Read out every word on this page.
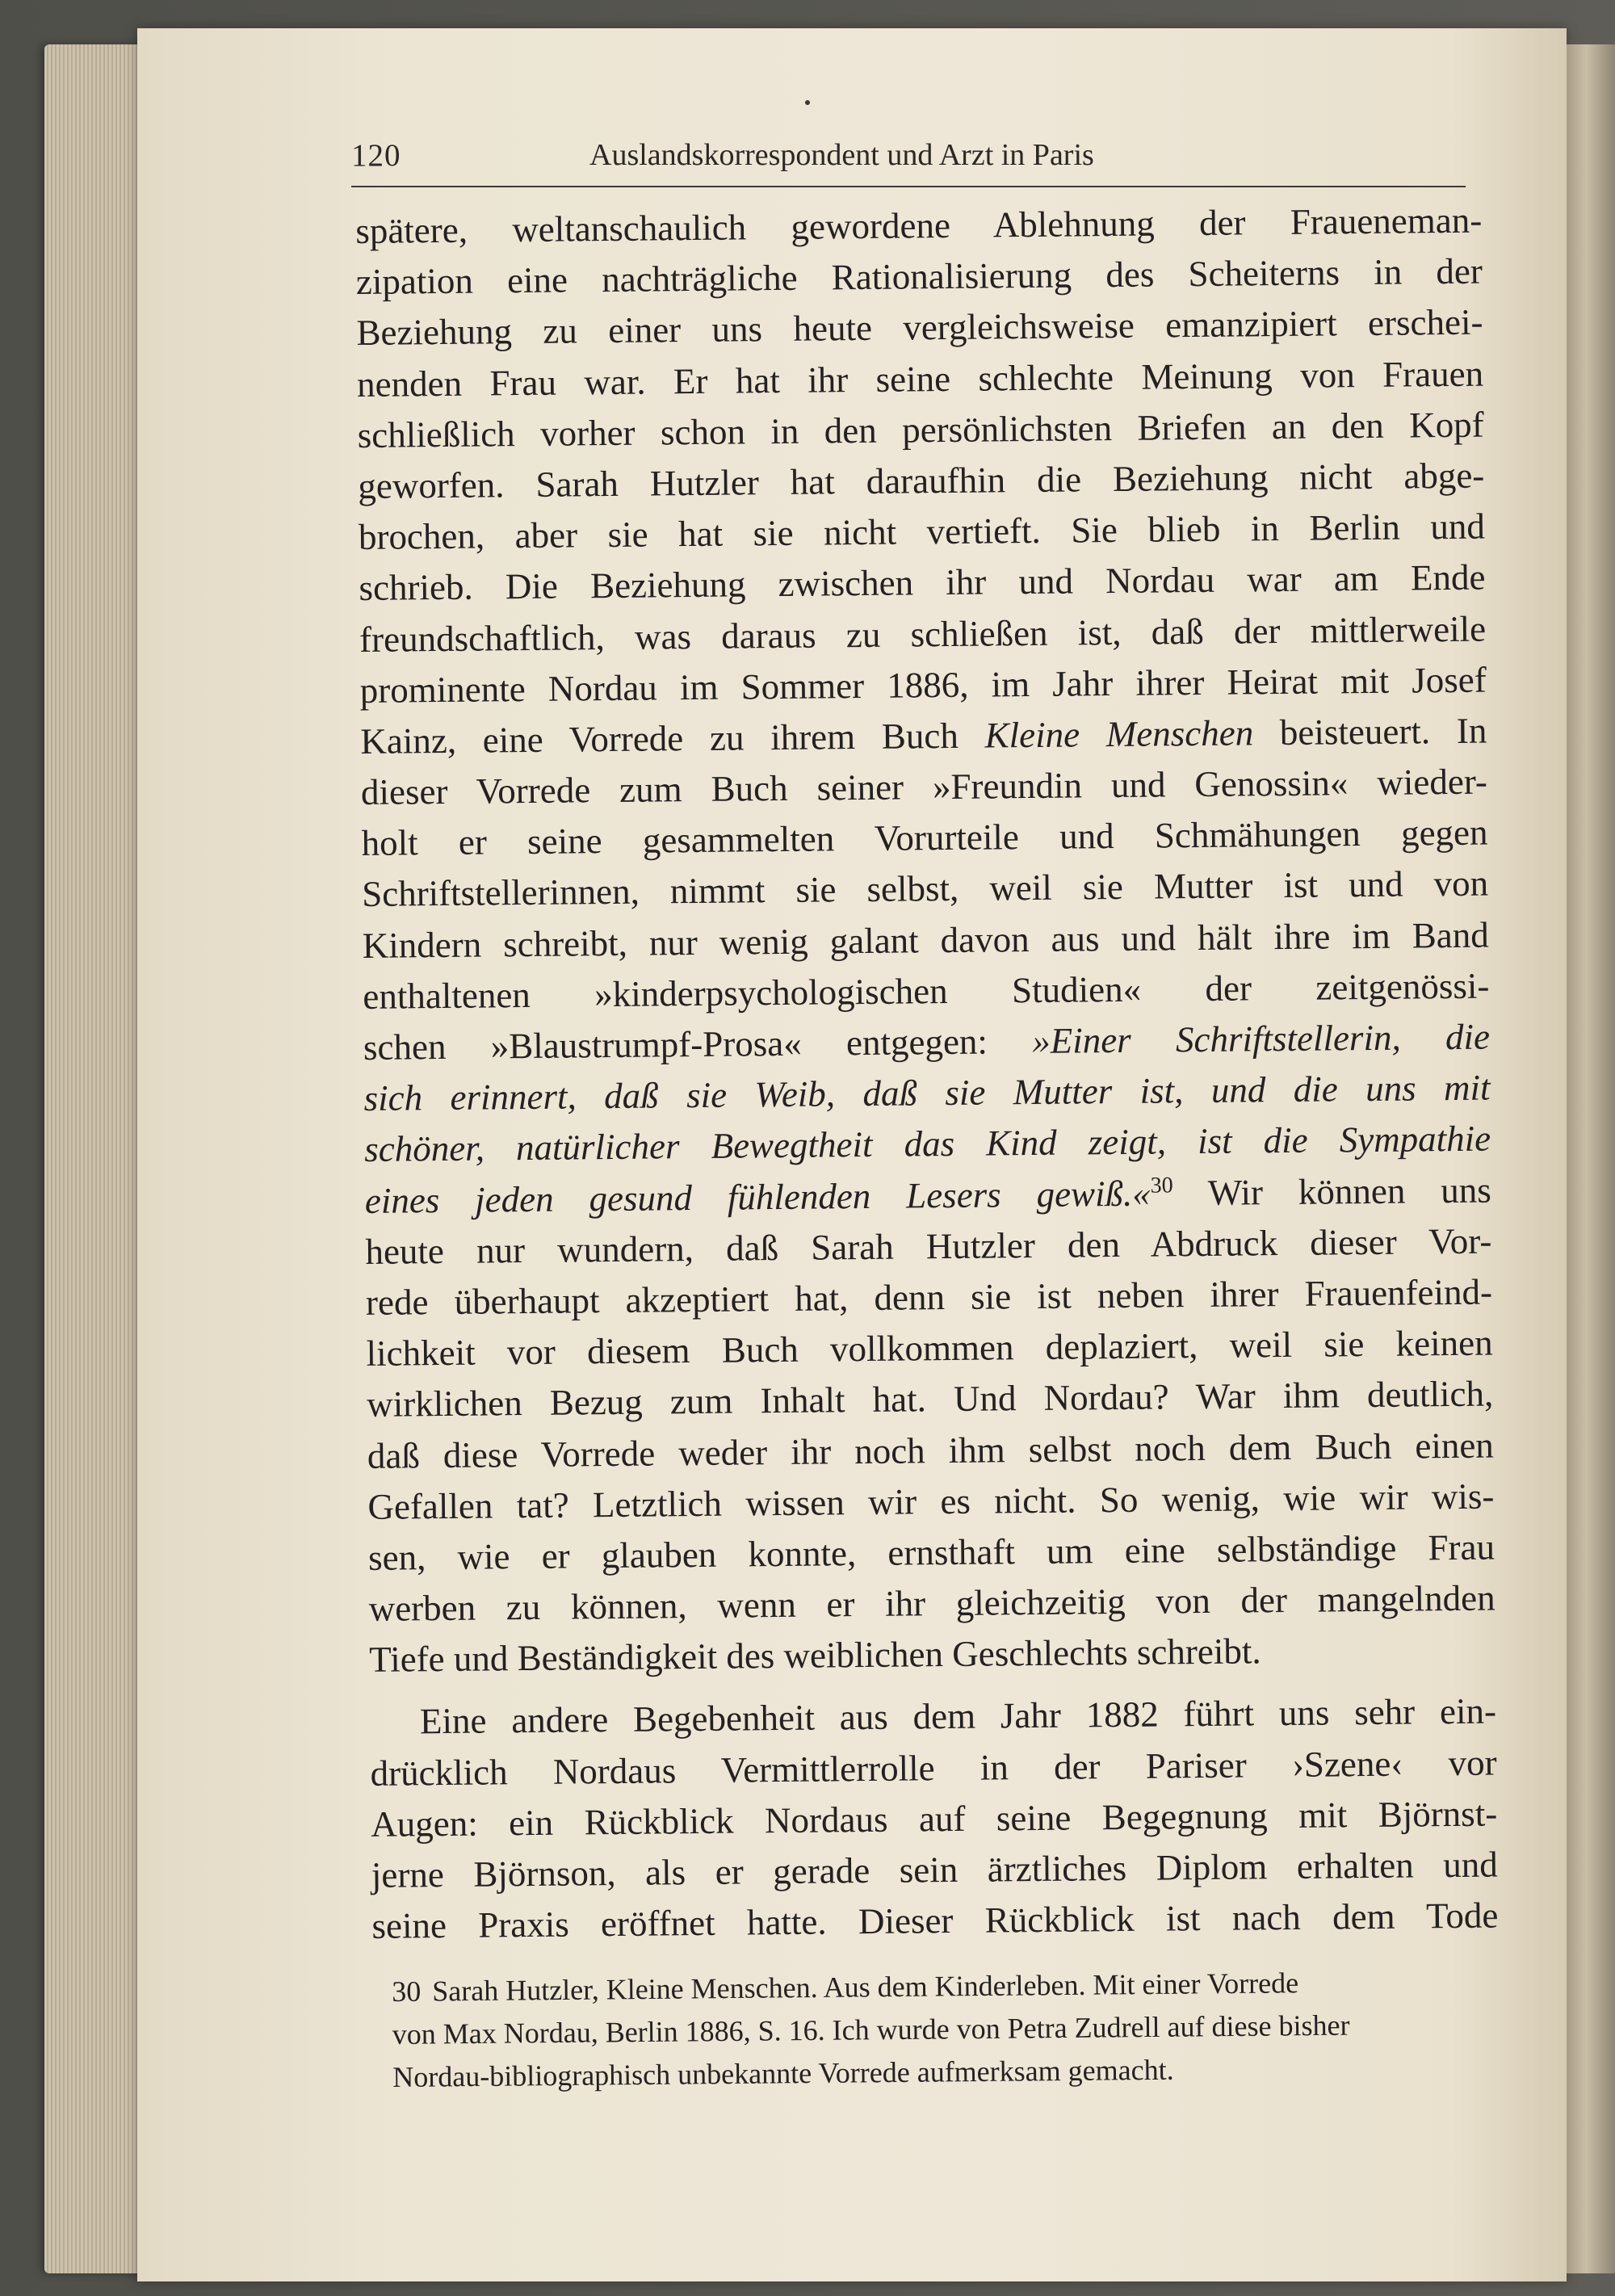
120	Auslandskorrespondent und Arzt in Paris
spätere, weltanschaulich gewordene Ablehnung der Fraueneman-
zipation eine nachträgliche Rationalisierung des Scheiterns in der
Beziehung zu einer uns heute vergleichsweise emanzipiert erschei-
nenden Frau war. Er hat ihr seine schlechte Meinung von Frauen
schließlich vorher schon in den persönlichsten Briefen an den Kopf
geworfen. Sarah Hutzler hat daraufhin die Beziehung nicht abge-
brochen, aber sie hat sie nicht vertieft. Sie blieb in Berlin und
schrieb. Die Beziehung zwischen ihr und Nordau war am Ende
freundschaftlich, was daraus zu schließen ist, daß der mittlerweile
prominente Nordau im Sommer 1886, im Jahr ihrer Heirat mit Josef
Kainz, eine Vorrede zu ihrem Buch Kleine Menschen beisteuert. In
dieser Vorrede zum Buch seiner »Freundin und Genossin« wieder-
holt er seine gesammelten Vorurteile und Schmähungen gegen
Schriftstellerinnen, nimmt sie selbst, weil sie Mutter ist und von
Kindern schreibt, nur wenig galant davon aus und hält ihre im Band
enthaltenen »kinderpsychologischen Studien« der zeitgenössi-
schen »Blaustrumpf-Prosa« entgegen: »Einer Schriftstellerin, die
sich erinnert, daß sie Weib, daß sie Mutter ist, und die uns mit
schöner, natürlicher Bewegtheit das Kind zeigt, ist die Sympathie
eines jeden gesund fühlenden Lesers gewiß.«$^{30}$ Wir können uns
heute nur wundern, daß Sarah Hutzler den Abdruck dieser Vor-
rede überhaupt akzeptiert hat, denn sie ist neben ihrer Frauenfeind-
lichkeit vor diesem Buch vollkommen deplaziert, weil sie keinen
wirklichen Bezug zum Inhalt hat. Und Nordau? War ihm deutlich,
daß diese Vorrede weder ihr noch ihm selbst noch dem Buch einen
Gefallen tat? Letztlich wissen wir es nicht. So wenig, wie wir wis-
sen, wie er glauben konnte, ernsthaft um eine selbständige Frau
werben zu können, wenn er ihr gleichzeitig von der mangelnden
Tiefe und Beständigkeit des weiblichen Geschlechts schreibt.
Eine andere Begebenheit aus dem Jahr 1882 führt uns sehr ein-
drücklich Nordaus Vermittlerrolle in der Pariser ›Szene‹ vor
Augen: ein Rückblick Nordaus auf seine Begegnung mit Björnst-
jerne Björnson, als er gerade sein ärztliches Diplom erhalten und
seine Praxis eröffnet hatte. Dieser Rückblick ist nach dem Tode
30 Sarah Hutzler, Kleine Menschen. Aus dem Kinderleben. Mit einer Vorrede
von Max Nordau, Berlin 1886, S. 16. Ich wurde von Petra Zudrell auf diese bisher
Nordau-bibliographisch unbekannte Vorrede aufmerksam gemacht.
